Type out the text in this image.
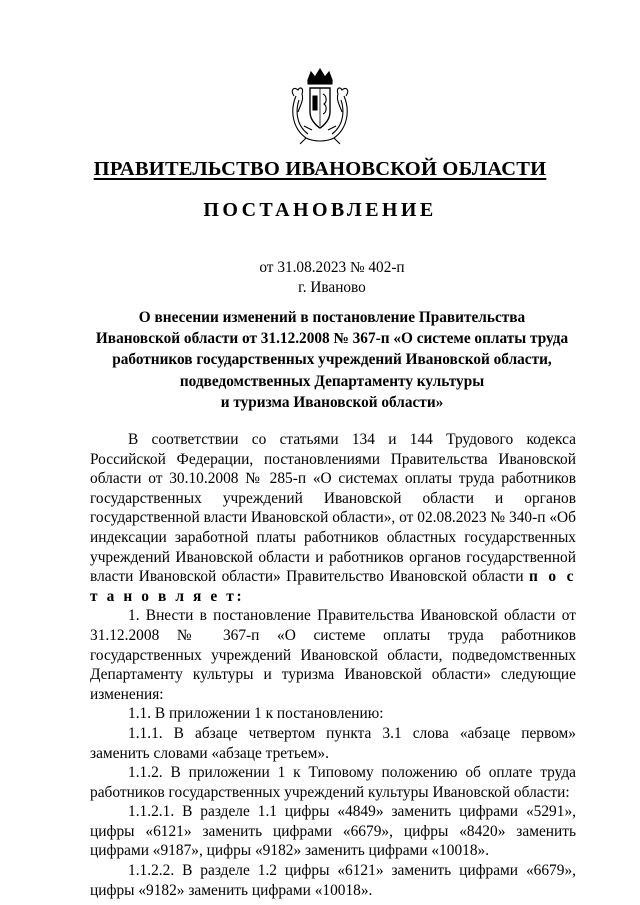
ПРАВИТЕЛЬСТВО ИВАНОВСКОЙ ОБЛАСТИ
ПОСТАНОВЛЕНИЕ
от 31.08.2023 № 402-п
г. Иваново
О внесении изменений в постановление Правительства
Ивановской области от 31.12.2008 № 367-п «О системе оплаты труда
работников государственных учреждений Ивановской области,
подведомственных Департаменту культуры
и туризма Ивановской области»

В соответствии со статьями 134 и 144 Трудового кодекса Российской Федерации, постановлениями Правительства Ивановской области от 30.10.2008 № 285-п «О системах оплаты труда работников государственных учреждений Ивановской области и органов государственной власти Ивановской области», от 02.08.2023 № 340-п «Об индексации заработной платы работников областных государственных учреждений Ивановской области и работников органов государственной власти Ивановской области» Правительство Ивановской области п о с т а н о в л я е т:

1. Внести в постановление Правительства Ивановской области от 31.12.2008 № 367-п «О системе оплаты труда работников государственных учреждений Ивановской области, подведомственных Департаменту культуры и туризма Ивановской области» следующие изменения:

1.1. В приложении 1 к постановлению:

1.1.1. В абзаце четвертом пункта 3.1 слова «абзаце первом» заменить словами «абзаце третьем».

1.1.2. В приложении 1 к Типовому положению об оплате труда работников государственных учреждений культуры Ивановской области:

1.1.2.1. В разделе 1.1 цифры «4849» заменить цифрами «5291», цифры «6121» заменить цифрами «6679», цифры «8420» заменить цифрами «9187», цифры «9182» заменить цифрами «10018».

1.1.2.2. В разделе 1.2 цифры «6121» заменить цифрами «6679», цифры «9182» заменить цифрами «10018».
